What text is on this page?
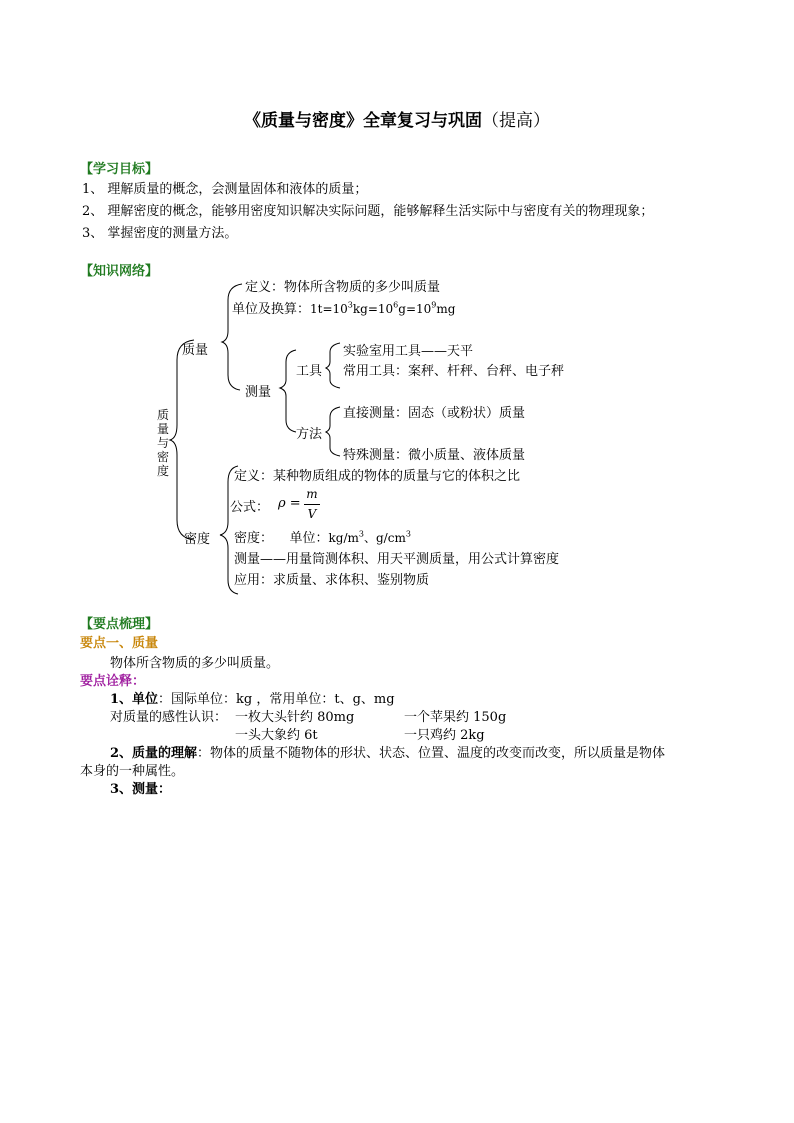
《质量与密度》全章复习与巩固（提高）
【学习目标】
1、 理解质量的概念，会测量固体和液体的质量；
2、 理解密度的概念，能够用密度知识解决实际问题，能够解释生活实际中与密度有关的物理现象；
3、 掌握密度的测量方法。
【知识网络】
质量与密度
质量
定义：物体所含物质的多少叫质量
单位及换算：$1t=10^3kg=10^6g=10^9mg$
测量
工具
实验室用工具——天平
常用工具：案秤、杆秤、台秤、电子秤
方法
直接测量：固态（或粉状）质量
特殊测量：微小质量、液体质量
密度
定义：某种物质组成的物体的质量与它的体积之比
公式： ρ =
m
V
密度：    单位：$kg/m^3$、$g/cm^3$
测量——用量筒测体积、用天平测质量，用公式计算密度
应用：求质量、求体积、鉴别物质
【要点梳理】
要点一、质量
物体所含物质的多少叫质量。
要点诠释：
1、单位：国际单位：kg ，常用单位：t、g、mg
对质量的感性认识： 一枚大头针约 80mg	一个苹果约 150g
一头大象约 6t	一只鸡约 2kg
2、质量的理解：物体的质量不随物体的形状、状态、位置、温度的改变而改变，所以质量是物体
本身的一种属性。
3、测量：
